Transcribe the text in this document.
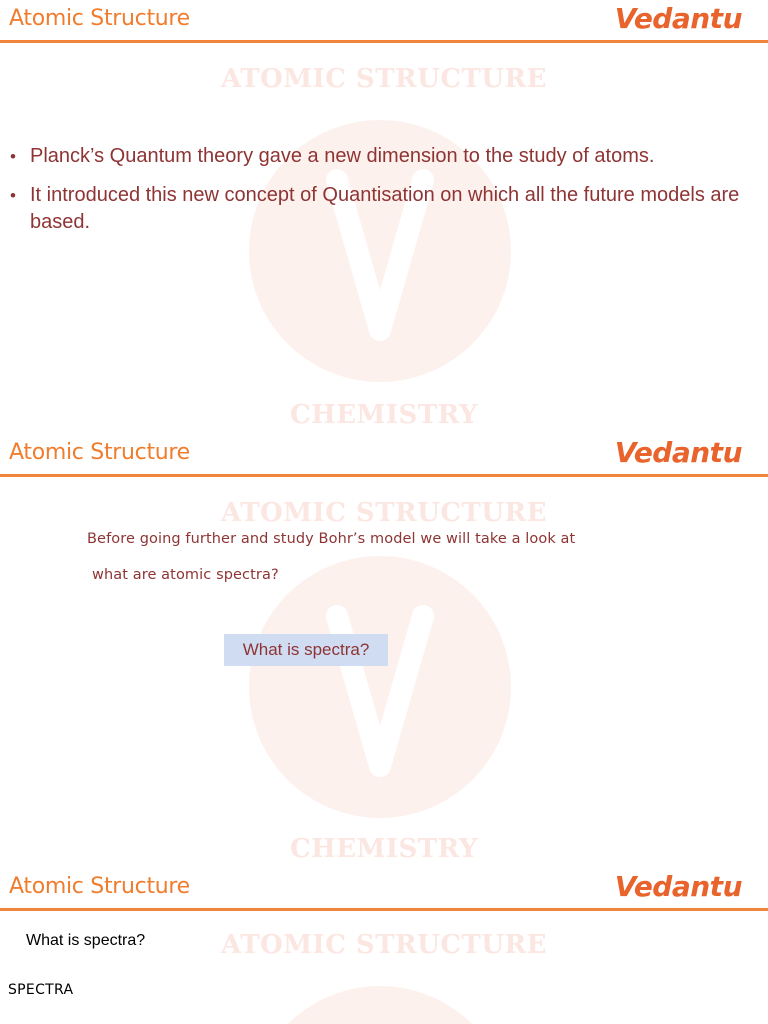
ATOMIC STRUCTURE
CHEMISTRY
Atomic Structure	Vedantu
• Planck’s Quantum theory gave a new dimension to the study of atoms.
• It introduced this new concept of Quantisation on which all the future models are based.
ATOMIC STRUCTURE
CHEMISTRY
Atomic Structure	Vedantu
Before going further and study Bohr’s model we will take a look at
what are atomic spectra?
What is spectra?
ATOMIC STRUCTURE
Atomic Structure	Vedantu
What is spectra?
SPECTRA
